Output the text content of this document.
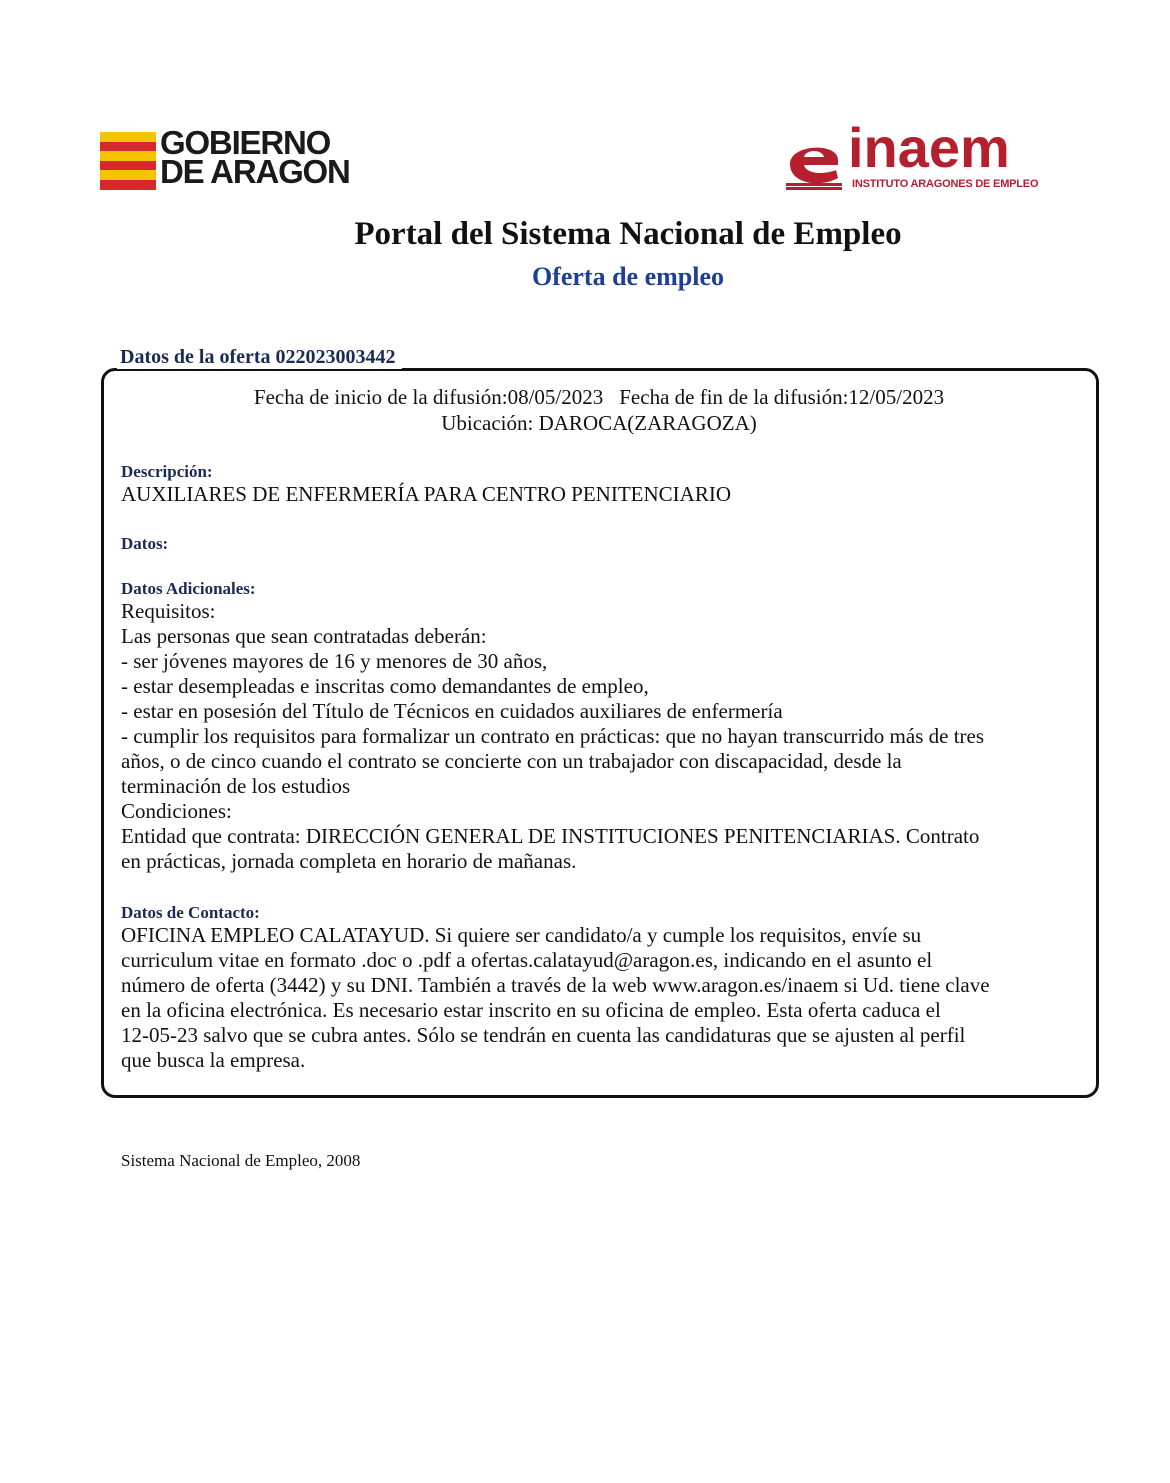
GOBIERNO
DE ARAGON	inaem
INSTITUTO ARAGONES DE EMPLEO
Portal del Sistema Nacional de Empleo
Oferta de empleo
Datos de la oferta 022023003442
Fecha de inicio de la difusión:08/05/2023 Fecha de fin de la difusión:12/05/2023
Ubicación: DAROCA(ZARAGOZA)
Descripción:
AUXILIARES DE ENFERMERÍA PARA CENTRO PENITENCIARIO
Datos:
Datos Adicionales:
Requisitos:
Las personas que sean contratadas deberán:
- ser jóvenes mayores de 16 y menores de 30 años,
- estar desempleadas e inscritas como demandantes de empleo,
- estar en posesión del Título de Técnicos en cuidados auxiliares de enfermería
- cumplir los requisitos para formalizar un contrato en prácticas: que no hayan transcurrido más de tres
años, o de cinco cuando el contrato se concierte con un trabajador con discapacidad, desde la
terminación de los estudios
Condiciones:
Entidad que contrata: DIRECCIÓN GENERAL DE INSTITUCIONES PENITENCIARIAS. Contrato
en prácticas, jornada completa en horario de mañanas.
Datos de Contacto:
OFICINA EMPLEO CALATAYUD. Si quiere ser candidato/a y cumple los requisitos, envíe su
curriculum vitae en formato .doc o .pdf a ofertas.calatayud@aragon.es, indicando en el asunto el
número de oferta (3442) y su DNI. También a través de la web www.aragon.es/inaem si Ud. tiene clave
en la oficina electrónica. Es necesario estar inscrito en su oficina de empleo. Esta oferta caduca el
12-05-23 salvo que se cubra antes. Sólo se tendrán en cuenta las candidaturas que se ajusten al perfil
que busca la empresa.
Sistema Nacional de Empleo, 2008
